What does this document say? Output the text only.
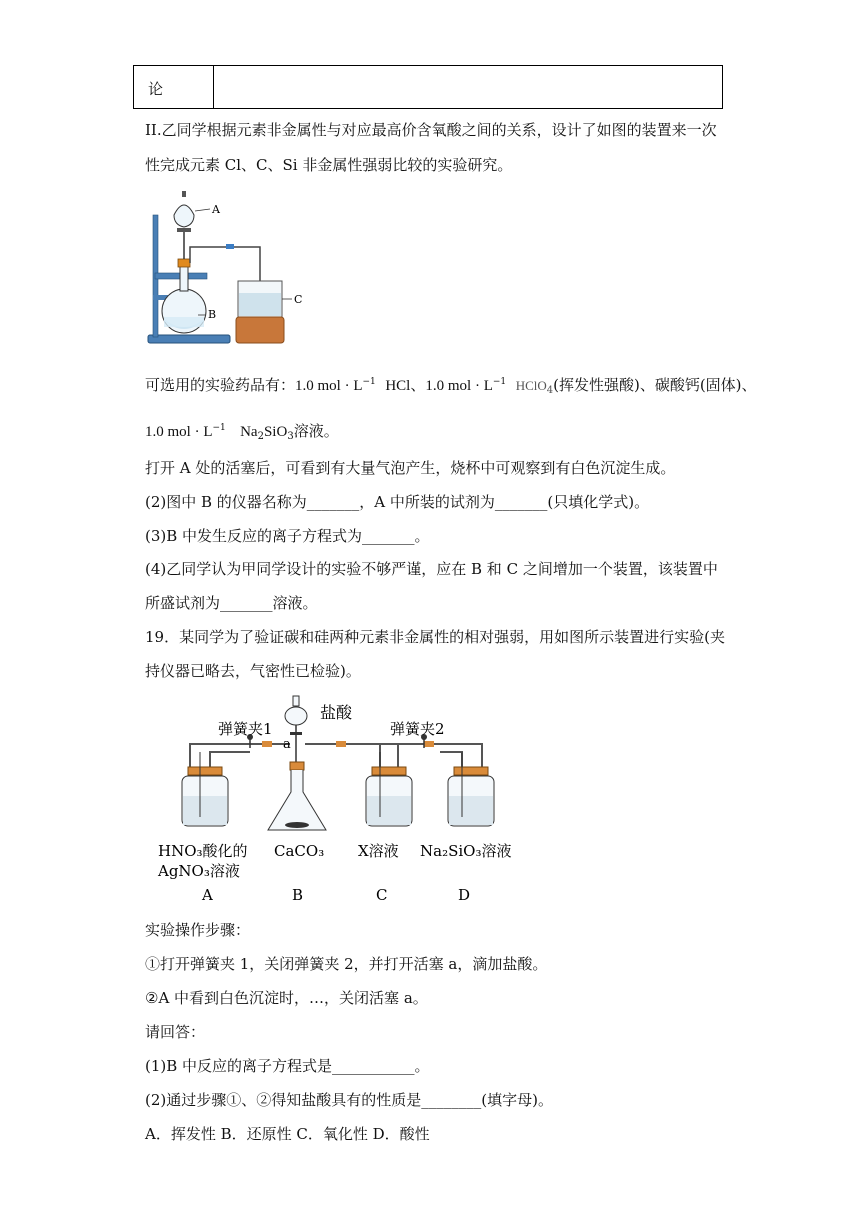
论
II.乙同学根据元素非金属性与对应最高价含氧酸之间的关系，设计了如图的装置来一次
性完成元素 Cl、C、Si 非金属性强弱比较的实验研究。
A
B
C
可选用的实验药品有：1.0 mol · $L^{-1}$ HCl、1.0 mol · $L^{-1}$ HClO$_4$(挥发性强酸)、碳酸钙(固体)、
1.0 mol · $L^{-1}$ $Na_2SiO_3$溶液。
打开 A 处的活塞后，可看到有大量气泡产生，烧杯中可观察到有白色沉淀生成。
(2)图中 B 的仪器名称为_______，A 中所装的试剂为_______(只填化学式)。
(3)B 中发生反应的离子方程式为_______。
(4)乙同学认为甲同学设计的实验不够严谨，应在 B 和 C 之间增加一个装置，该装置中
所盛试剂为_______溶液。
19．某同学为了验证碳和硅两种元素非金属性的相对强弱，用如图所示装置进行实验(夹
持仪器已略去，气密性已检验)。
盐酸
弹簧夹1	弹簧夹2
a
HNO₃酸化的
AgNO₃溶液
CaCO₃ X溶液 Na₂SiO₃溶液
A	B	C	D
实验操作步骤：
①打开弹簧夹 1，关闭弹簧夹 2，并打开活塞 a，滴加盐酸。
②A 中看到白色沉淀时，…，关闭活塞 a。
请回答：
(1)B 中反应的离子方程式是___________。
(2)通过步骤①、②得知盐酸具有的性质是________(填字母)。
A．挥发性 B．还原性 C．氧化性 D．酸性
